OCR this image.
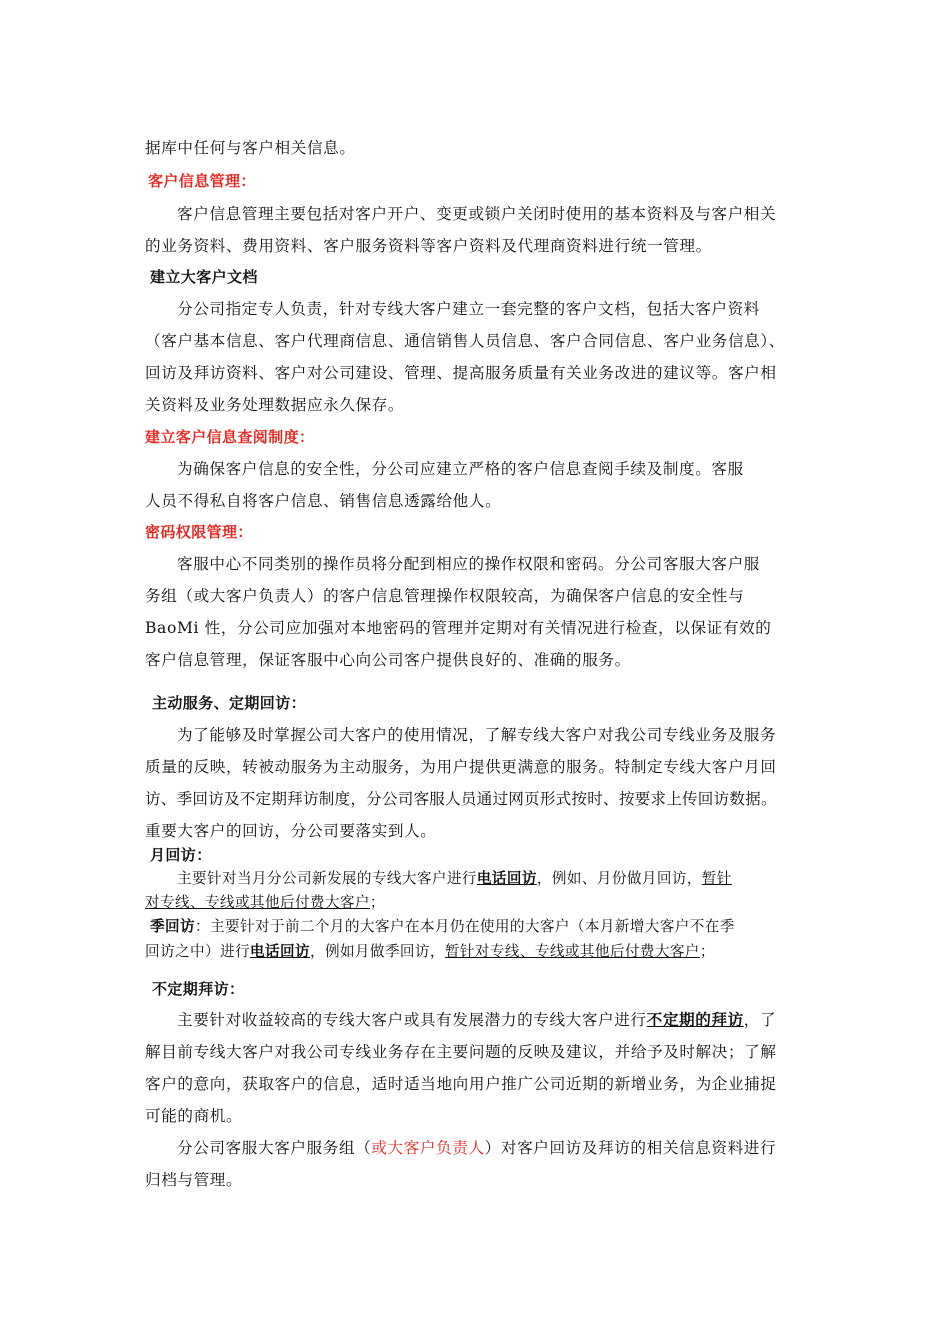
据库中任何与客户相关信息。
客户信息管理：
客户信息管理主要包括对客户开户、变更或锁户关闭时使用的基本资料及与客户相关
的业务资料、费用资料、客户服务资料等客户资料及代理商资料进行统一管理。
建立大客户文档
分公司指定专人负责，针对专线大客户建立一套完整的客户文档，包括大客户资料
（客户基本信息、客户代理商信息、通信销售人员信息、客户合同信息、客户业务信息）、
回访及拜访资料、客户对公司建设、管理、提高服务质量有关业务改进的建议等。客户相
关资料及业务处理数据应永久保存。
建立客户信息查阅制度：
为确保客户信息的安全性，分公司应建立严格的客户信息查阅手续及制度。客服
人员不得私自将客户信息、销售信息透露给他人。
密码权限管理：
客服中心不同类别的操作员将分配到相应的操作权限和密码。分公司客服大客户服
务组（或大客户负责人）的客户信息管理操作权限较高，为确保客户信息的安全性与
BaoMi 性，分公司应加强对本地密码的管理并定期对有关情况进行检查，以保证有效的
客户信息管理，保证客服中心向公司客户提供良好的、准确的服务。
主动服务、定期回访：
为了能够及时掌握公司大客户的使用情况，了解专线大客户对我公司专线业务及服务
质量的反映，转被动服务为主动服务，为用户提供更满意的服务。特制定专线大客户月回
访、季回访及不定期拜访制度，分公司客服人员通过网页形式按时、按要求上传回访数据。
重要大客户的回访，分公司要落实到人。
月回访：
主要针对当月分公司新发展的专线大客户进行电话回访，例如、月份做月回访，暂针
对专线、专线或其他后付费大客户；
季回访：主要针对于前二个月的大客户在本月仍在使用的大客户（本月新增大客户不在季
回访之中）进行电话回访，例如月做季回访，暂针对专线、专线或其他后付费大客户；
不定期拜访：
主要针对收益较高的专线大客户或具有发展潜力的专线大客户进行不定期的拜访，了
解目前专线大客户对我公司专线业务存在主要问题的反映及建议，并给予及时解决；了解
客户的意向，获取客户的信息，适时适当地向用户推广公司近期的新增业务，为企业捕捉
可能的商机。
分公司客服大客户服务组（或大客户负责人）对客户回访及拜访的相关信息资料进行
归档与管理。
